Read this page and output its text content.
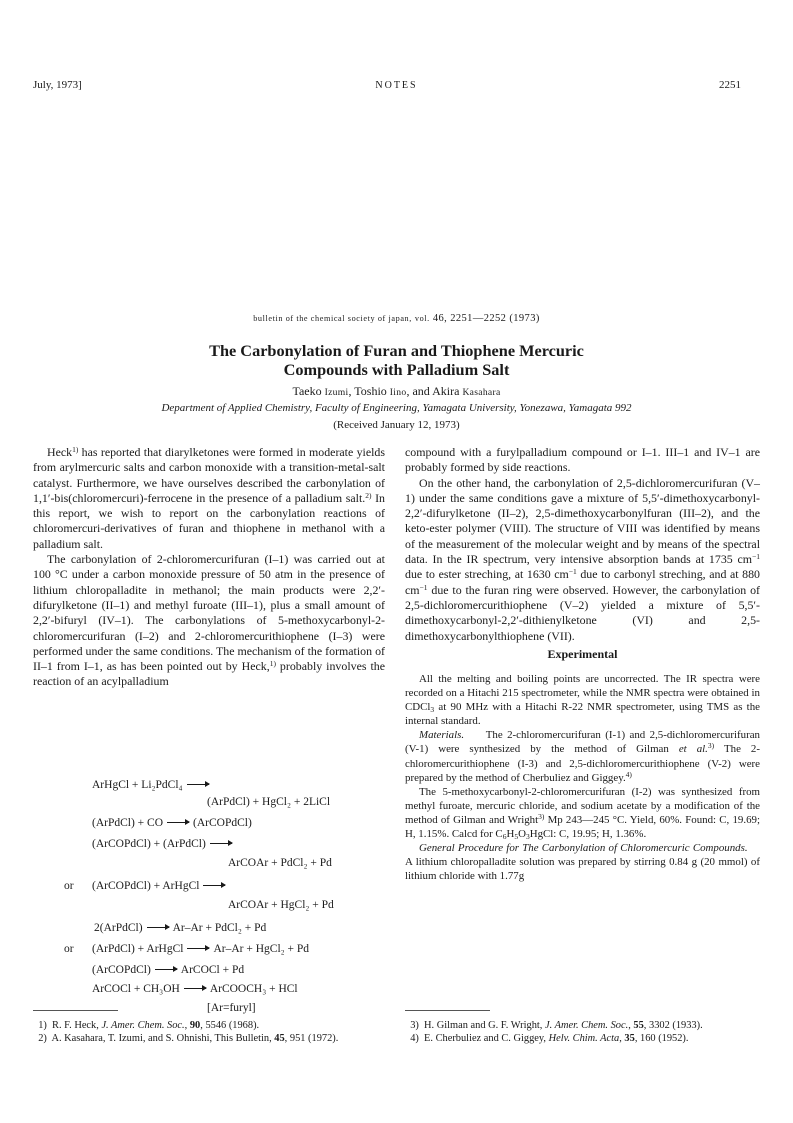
July, 1973]	NOTES	2251
bulletin of the chemical society of japan, vol. 46, 2251—2252 (1973)
The Carbonylation of Furan and Thiophene Mercuric
Compounds with Palladium Salt
Taeko Izumi, Toshio Iino, and Akira Kasahara
Department of Applied Chemistry, Faculty of Engineering, Yamagata University, Yonezawa, Yamagata 992
(Received January 12, 1973)

Heck$^{1)}$ has reported that diarylketones were formed in moderate yields from arylmercuric salts and carbon monoxide with a transition-metal-salt catalyst. Furthermore, we have ourselves described the carbonylation of 1,1′-bis(chloromercuri)-ferrocene in the presence of a palladium salt.$^{2)}$ In this report, we wish to report on the carbonylation reactions of chloromercuri-derivatives of furan and thiophene in methanol with a palladium salt.

The carbonylation of 2-chloromercurifuran (I–1) was carried out at 100 °C under a carbon monoxide pressure of 50 atm in the presence of lithium chloropalladite in methanol; the main products were 2,2′-difurylketone (II–1) and methyl furoate (III–1), plus a small amount of 2,2′-bifuryl (IV–1). The carbonylations of 5-methoxycarbonyl-2-chloromercurifuran (I–2) and 2-chloromercurithiophene (I–3) were performed under the same conditions. The mechanism of the formation of II–1 from I–1, as has been pointed out by Heck,$^{1)}$ probably involves the reaction of an acylpalladium

ArHgCl + Li₂PdCl₄
(ArPdCl) + HgCl₂ + 2LiCl
(ArPdCl) + CO	(ArCOPdCl)
(ArCOPdCl) + (ArPdCl)
ArCOAr + PdCl₂ + Pd
or (ArCOPdCl) + ArHgCl
ArCOAr + HgCl₂ + Pd
2(ArPdCl)	Ar–Ar + PdCl₂ + Pd
or (ArPdCl) + ArHgCl	Ar–Ar + HgCl₂ + Pd
(ArCOPdCl)	ArCOCl + Pd
ArCOCl + CH₃OH	ArCOOCH₃ + HCl
[Ar=furyl]

compound with a furylpalladium compound or I–1. III–1 and IV–1 are probably formed by side reactions.

On the other hand, the carbonylation of 2,5-dichloromercurifuran (V–1) under the same conditions gave a mixture of 5,5′-dimethoxycarbonyl-2,2′-difurylketone (II–2), 2,5-dimethoxycarbonylfuran (III–2), and the keto-ester polymer (VIII). The structure of VIII was identified by means of the measurement of the molecular weight and by means of the spectral data. In the IR spectrum, very intensive absorption bands at 1735 $cm^{-1}$ due to ester streching, at 1630 $cm^{-1}$ due to carbonyl streching, and at 880 $cm^{-1}$ due to the furan ring were observed. However, the carbonylation of 2,5-dichloromercurithiophene (V–2) yielded a mixture of 5,5′-dimethoxycarbonyl-2,2′-dithienylketone (VI) and 2,5-dimethoxycarbonylthiophene (VII).

Experimental

All the melting and boiling points are uncorrected. The IR spectra were recorded on a Hitachi 215 spectrometer, while the NMR spectra were obtained in CDCl$_3$ at 90 MHz with a Hitachi R-22 NMR spectrometer, using TMS as the internal standard.

Materials.     The 2-chloromercurifuran (I-1) and 2,5-dichloromercurifuran (V-1) were synthesized by the method of Gilman et al.$^{3)}$ The 2-chloromercurithiophene (I-3) and 2,5-dichloromercurithiophene (V-2) were prepared by the method of Cherbuliez and Giggey.$^{4)}$

The 5-methoxycarbonyl-2-chloromercurifuran (I-2) was synthesized from methyl furoate, mercuric chloride, and sodium acetate by a modification of the method of Gilman and Wright$^{3)}$ Mp 243—245 °C. Yield, 60%. Found: C, 19.69; H, 1.15%. Calcd for $C_6H_5O_3HgCl$: C, 19.95; H, 1.36%.

General Procedure for The Carbonylation of Chloromercuric Compounds.     A lithium chloropalladite solution was prepared by stirring 0.84 g (20 mmol) of lithium chloride with 1.77g

1)  R. F. Heck, J. Amer. Chem. Soc., 90, 5546 (1968).

2)  A. Kasahara, T. Izumi, and S. Ohnishi, This Bulletin, 45, 951 (1972).

3)  H. Gilman and G. F. Wright, J. Amer. Chem. Soc., 55, 3302 (1933).

4)  E. Cherbuliez and C. Giggey, Helv. Chim. Acta, 35, 160 (1952).
